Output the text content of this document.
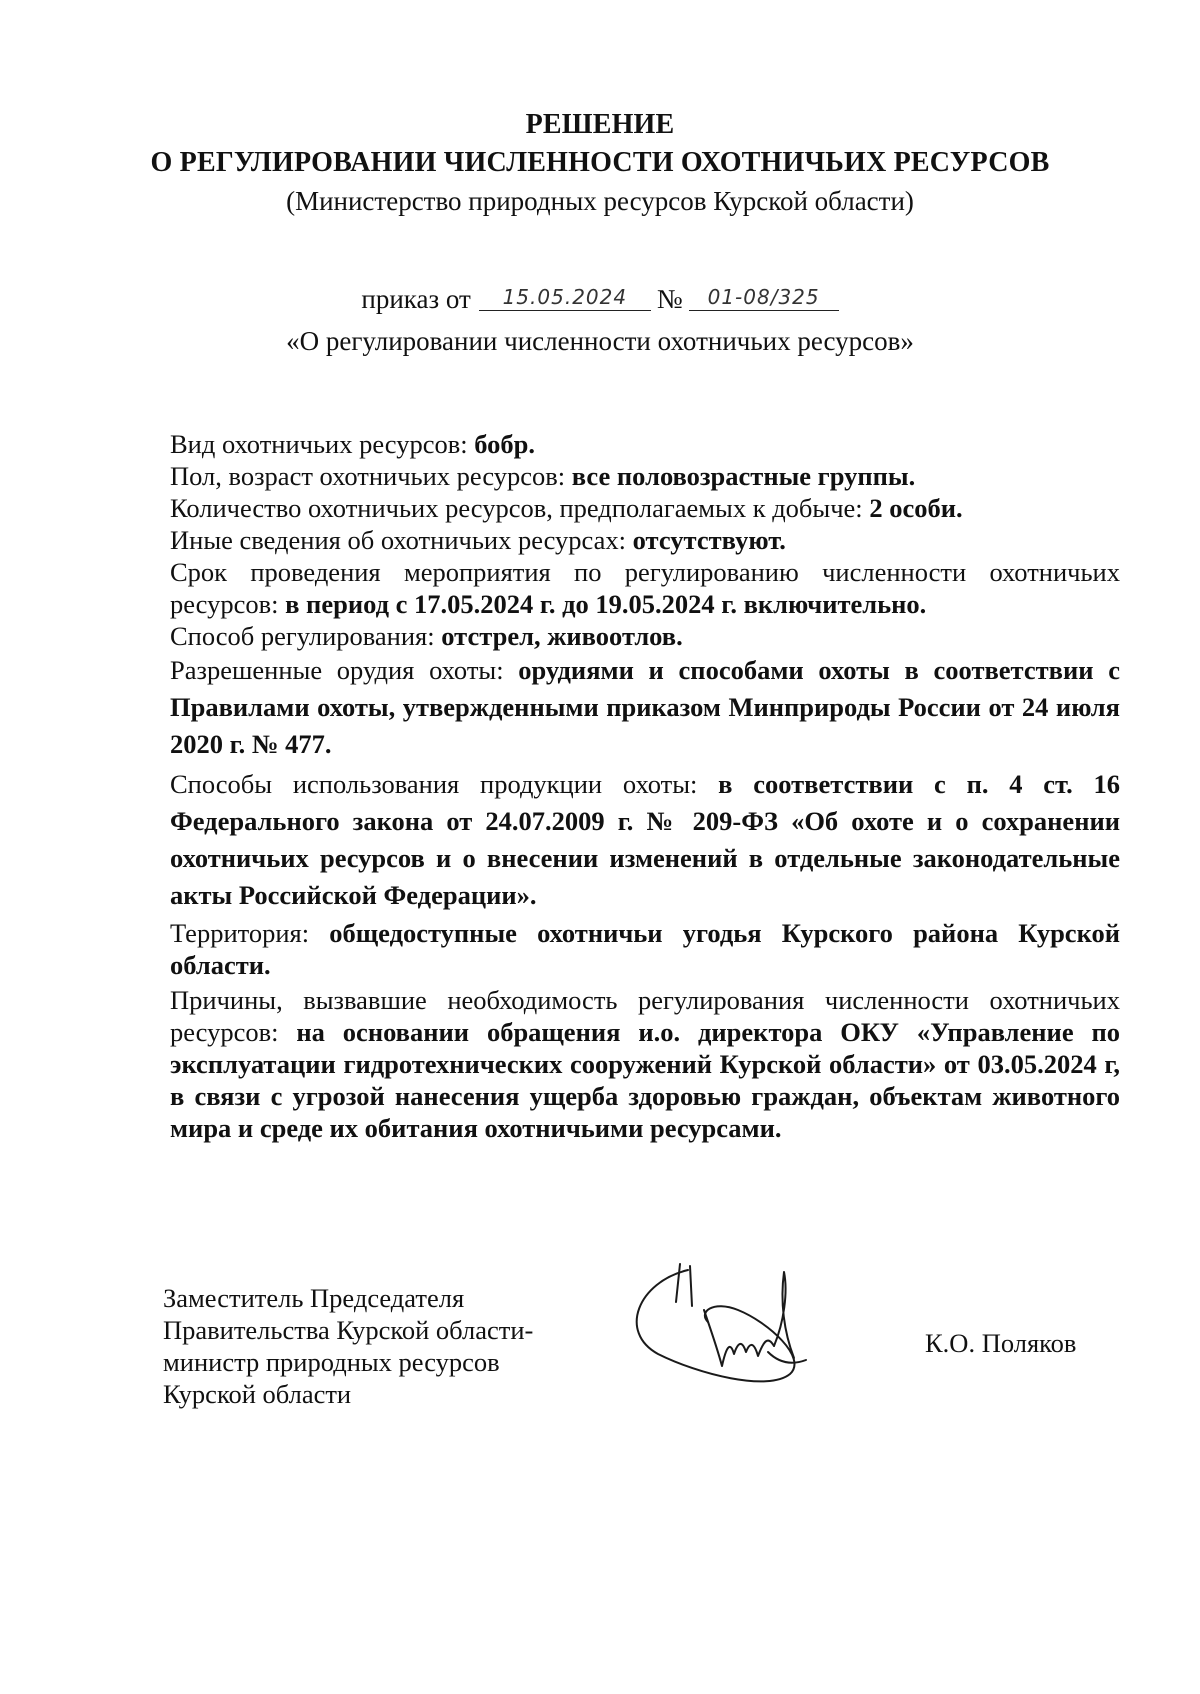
РЕШЕНИЕ
О РЕГУЛИРОВАНИИ ЧИСЛЕННОСТИ ОХОТНИЧЬИХ РЕСУРСОВ
(Министерство природных ресурсов Курской области)
приказ от 15.05.2024 № 01-08/325
«О регулировании численности охотничьих ресурсов»

Вид охотничьих ресурсов: бобр.

Пол, возраст охотничьих ресурсов: все половозрастные группы.

Количество охотничьих ресурсов, предполагаемых к добыче: 2 особи.

Иные сведения об охотничьих ресурсах: отсутствуют.

Срок проведения мероприятия по регулированию численности охотничьих ресурсов: в период с 17.05.2024 г. до 19.05.2024 г. включительно.

Способ регулирования: отстрел, живоотлов.

Разрешенные орудия охоты: орудиями и способами охоты в соответствии с Правилами охоты, утвержденными приказом Минприроды России от 24 июля 2020 г. № 477.

Способы использования продукции охоты: в соответствии с п. 4 ст. 16 Федерального закона от 24.07.2009 г. № 209-ФЗ «Об охоте и о сохранении охотничьих ресурсов и о внесении изменений в отдельные законодательные акты Российской Федерации».

Территория: общедоступные охотничьи угодья Курского района Курской области.

Причины, вызвавшие необходимость регулирования численности охотничьих ресурсов: на основании обращения и.о. директора ОКУ «Управление по эксплуатации гидротехнических сооружений Курской области» от 03.05.2024 г, в связи с угрозой нанесения ущерба здоровью граждан, объектам животного мира и среде их обитания охотничьими ресурсами.

Заместитель Председателя
Правительства Курской области-
министр природных ресурсов
Курской области
К.О. Поляков
